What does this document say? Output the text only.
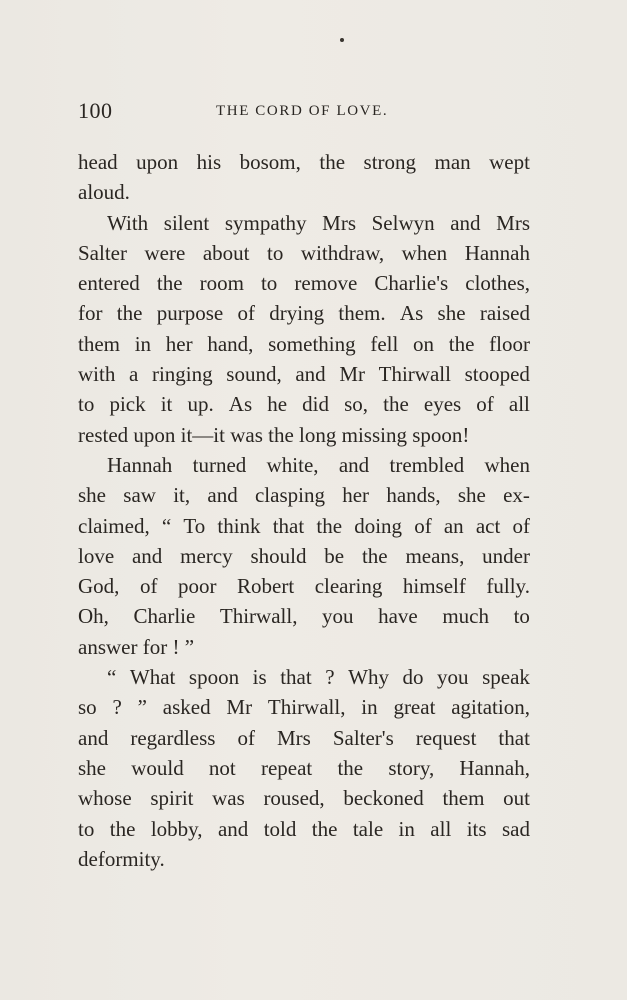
100	THE CORD OF LOVE.
head upon his bosom, the strong man wept
aloud.
With silent sympathy Mrs Selwyn and Mrs
Salter were about to withdraw, when Hannah
entered the room to remove Charlie's clothes,
for the purpose of drying them. As she raised
them in her hand, something fell on the floor
with a ringing sound, and Mr Thirwall stooped
to pick it up. As he did so, the eyes of all
rested upon it—it was the long missing spoon!
Hannah turned white, and trembled when
she saw it, and clasping her hands, she ex-
claimed, “ To think that the doing of an act of
love and mercy should be the means, under
God, of poor Robert clearing himself fully.
Oh, Charlie Thirwall, you have much to
answer for ! ”
“ What spoon is that ? Why do you speak
so ? ” asked Mr Thirwall, in great agitation,
and regardless of Mrs Salter's request that
she would not repeat the story, Hannah,
whose spirit was roused, beckoned them out
to the lobby, and told the tale in all its sad
deformity.
